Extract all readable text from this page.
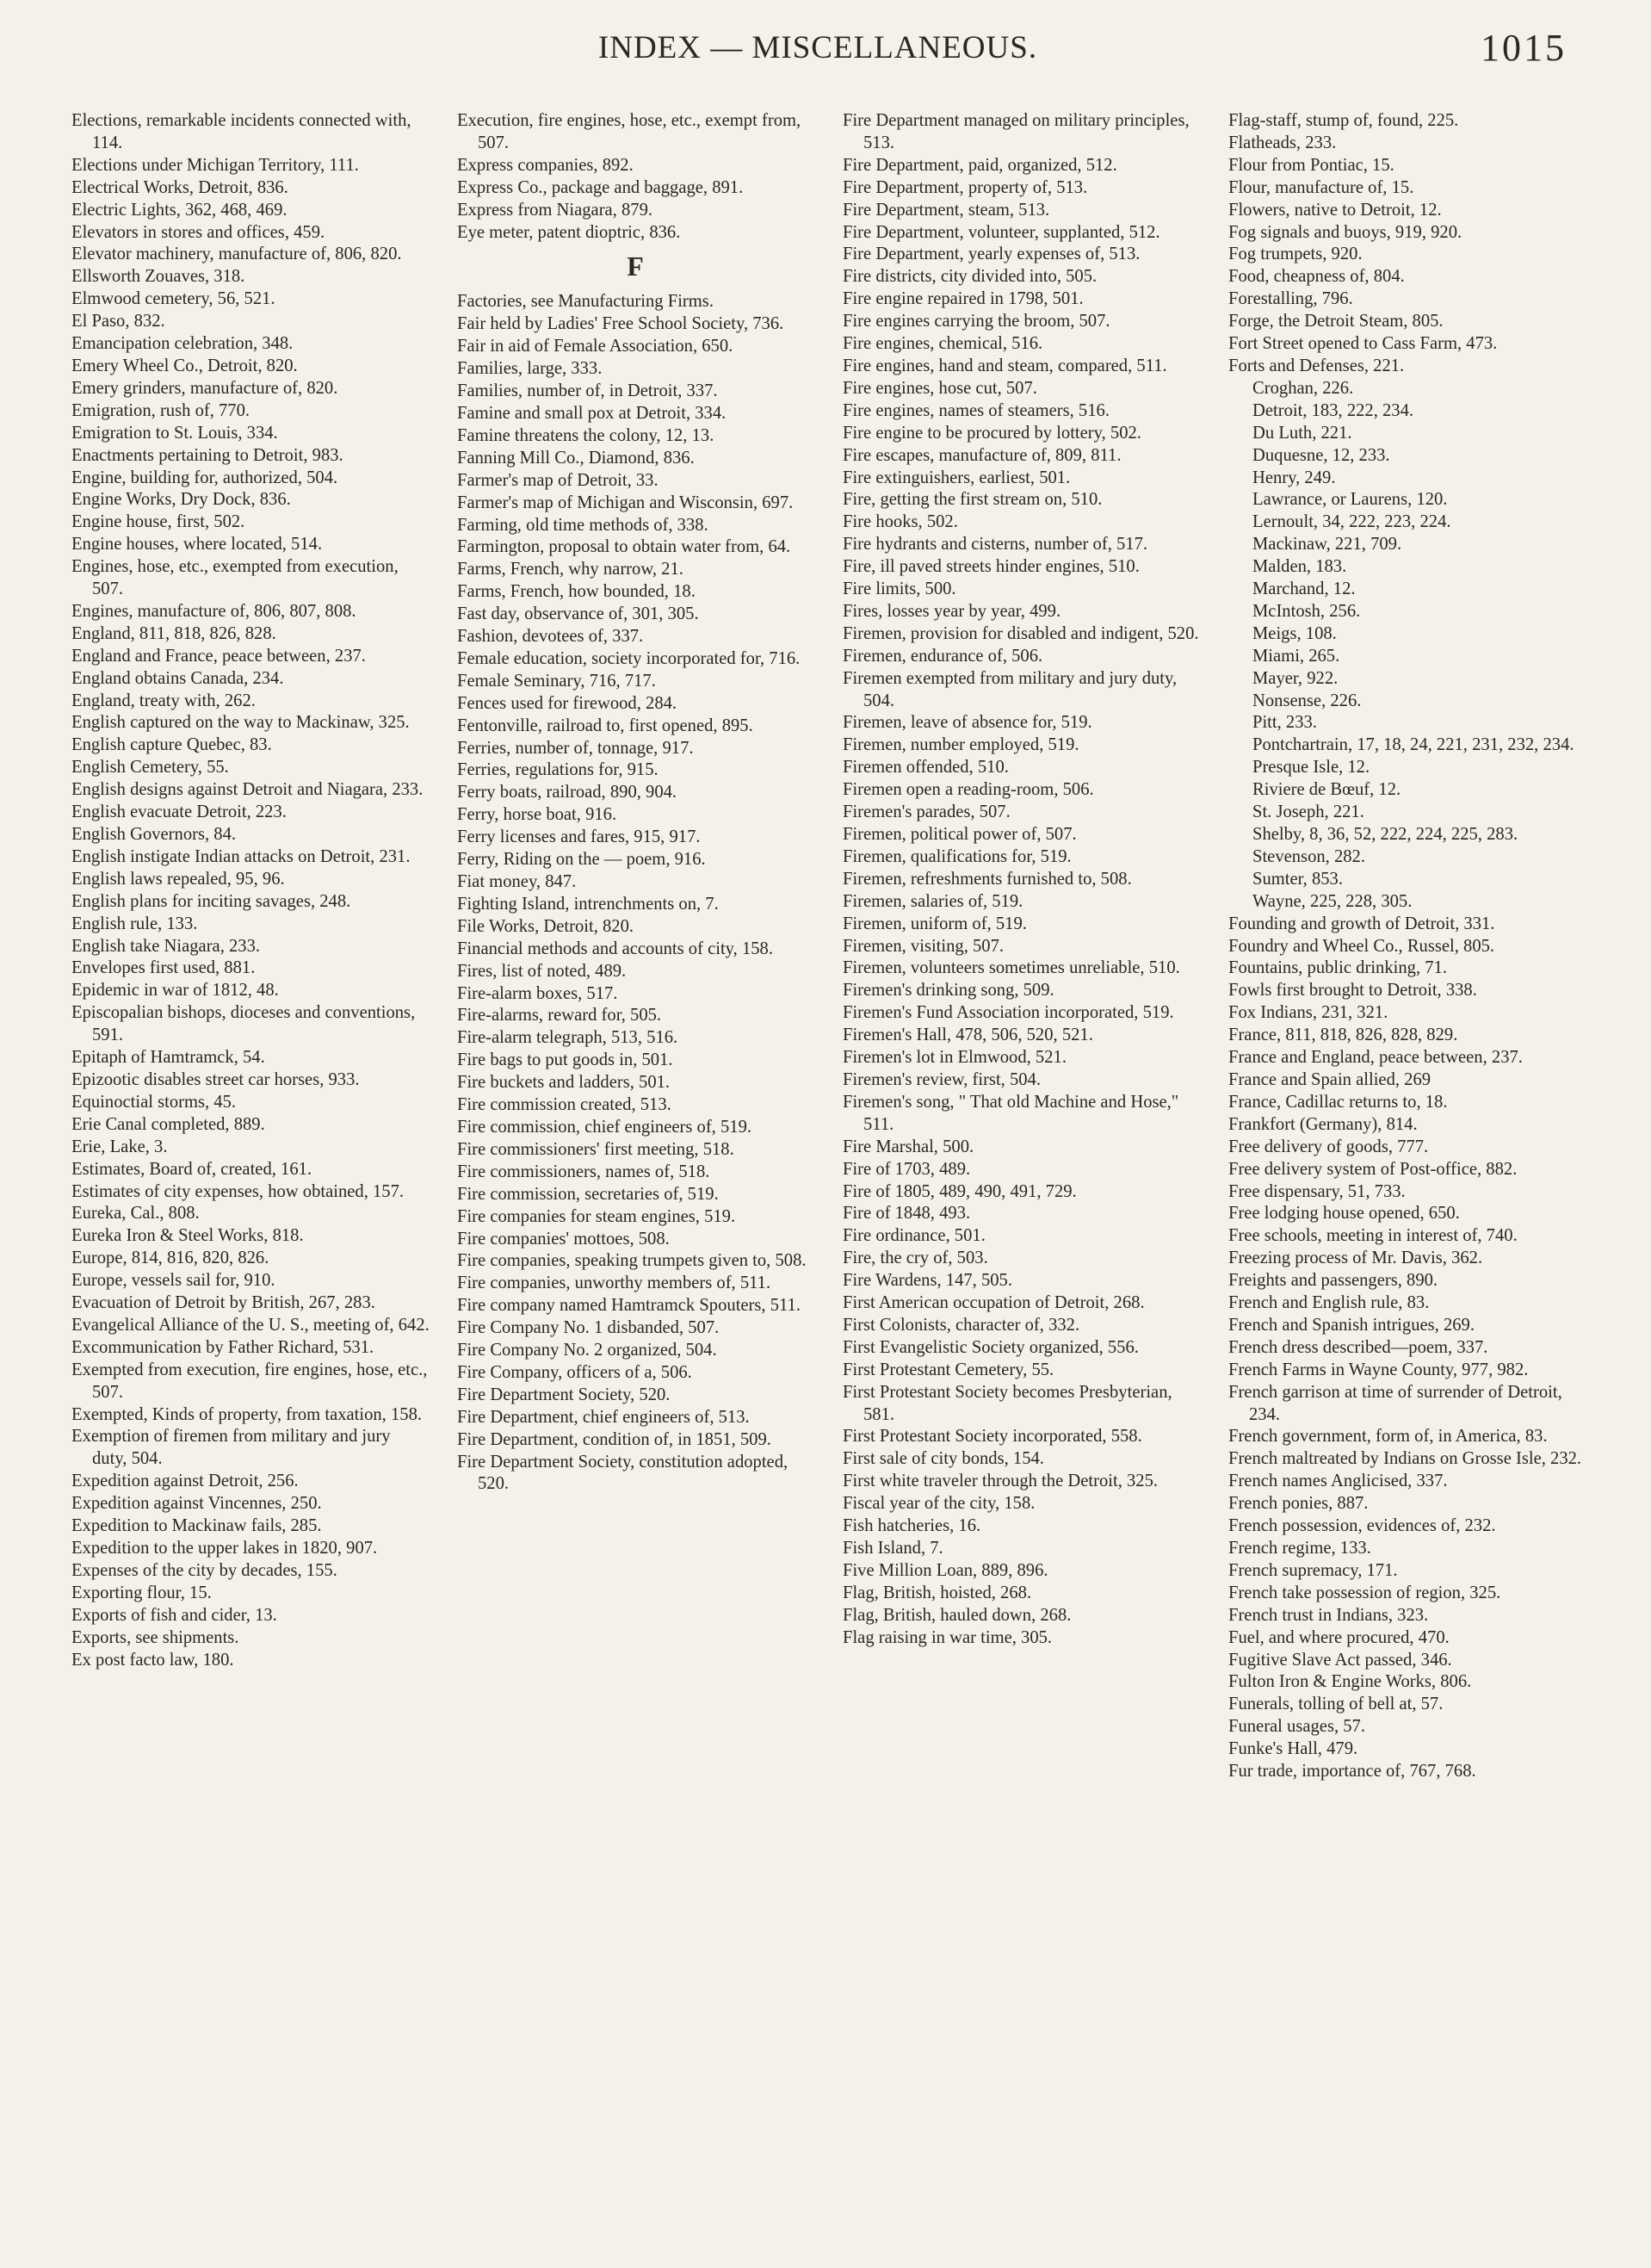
INDEX — MISCELLANEOUS.	1015

Elections, remarkable incidents connected with, 114.

Elections under Michigan Territory, 111.

Electrical Works, Detroit, 836.

Electric Lights, 362, 468, 469.

Elevators in stores and offices, 459.

Elevator machinery, manufacture of, 806, 820.

Ellsworth Zouaves, 318.

Elmwood cemetery, 56, 521.

El Paso, 832.

Emancipation celebration, 348.

Emery Wheel Co., Detroit, 820.

Emery grinders, manufacture of, 820.

Emigration, rush of, 770.

Emigration to St. Louis, 334.

Enactments pertaining to Detroit, 983.

Engine, building for, authorized, 504.

Engine Works, Dry Dock, 836.

Engine house, first, 502.

Engine houses, where located, 514.

Engines, hose, etc., exempted from execution, 507.

Engines, manufacture of, 806, 807, 808.

England, 811, 818, 826, 828.

England and France, peace between, 237.

England obtains Canada, 234.

England, treaty with, 262.

English captured on the way to Mackinaw, 325.

English capture Quebec, 83.

English Cemetery, 55.

English designs against Detroit and Niagara, 233.

English evacuate Detroit, 223.

English Governors, 84.

English instigate Indian attacks on Detroit, 231.

English laws repealed, 95, 96.

English plans for inciting savages, 248.

English rule, 133.

English take Niagara, 233.

Envelopes first used, 881.

Epidemic in war of 1812, 48.

Episcopalian bishops, dioceses and conventions, 591.

Epitaph of Hamtramck, 54.

Epizootic disables street car horses, 933.

Equinoctial storms, 45.

Erie Canal completed, 889.

Erie, Lake, 3.

Estimates, Board of, created, 161.

Estimates of city expenses, how obtained, 157.

Eureka, Cal., 808.

Eureka Iron & Steel Works, 818.

Europe, 814, 816, 820, 826.

Europe, vessels sail for, 910.

Evacuation of Detroit by British, 267, 283.

Evangelical Alliance of the U. S., meeting of, 642.

Excommunication by Father Richard, 531.

Exempted from execution, fire engines, hose, etc., 507.

Exempted, Kinds of property, from taxation, 158.

Exemption of firemen from military and jury duty, 504.

Expedition against Detroit, 256.

Expedition against Vincennes, 250.

Expedition to Mackinaw fails, 285.

Expedition to the upper lakes in 1820, 907.

Expenses of the city by decades, 155.

Exporting flour, 15.

Exports of fish and cider, 13.

Exports, see shipments.

Ex post facto law, 180.

Execution, fire engines, hose, etc., exempt from, 507.

Express companies, 892.

Express Co., package and baggage, 891.

Express from Niagara, 879.

Eye meter, patent dioptric, 836.

F

Factories, see Manufacturing Firms.

Fair held by Ladies' Free School Society, 736.

Fair in aid of Female Association, 650.

Families, large, 333.

Families, number of, in Detroit, 337.

Famine and small pox at Detroit, 334.

Famine threatens the colony, 12, 13.

Fanning Mill Co., Diamond, 836.

Farmer's map of Detroit, 33.

Farmer's map of Michigan and Wisconsin, 697.

Farming, old time methods of, 338.

Farmington, proposal to obtain water from, 64.

Farms, French, why narrow, 21.

Farms, French, how bounded, 18.

Fast day, observance of, 301, 305.

Fashion, devotees of, 337.

Female education, society incorporated for, 716.

Female Seminary, 716, 717.

Fences used for firewood, 284.

Fentonville, railroad to, first opened, 895.

Ferries, number of, tonnage, 917.

Ferries, regulations for, 915.

Ferry boats, railroad, 890, 904.

Ferry, horse boat, 916.

Ferry licenses and fares, 915, 917.

Ferry, Riding on the — poem, 916.

Fiat money, 847.

Fighting Island, intrenchments on, 7.

File Works, Detroit, 820.

Financial methods and accounts of city, 158.

Fires, list of noted, 489.

Fire-alarm boxes, 517.

Fire-alarms, reward for, 505.

Fire-alarm telegraph, 513, 516.

Fire bags to put goods in, 501.

Fire buckets and ladders, 501.

Fire commission created, 513.

Fire commission, chief engineers of, 519.

Fire commissioners' first meeting, 518.

Fire commissioners, names of, 518.

Fire commission, secretaries of, 519.

Fire companies for steam engines, 519.

Fire companies' mottoes, 508.

Fire companies, speaking trumpets given to, 508.

Fire companies, unworthy members of, 511.

Fire company named Hamtramck Spouters, 511.

Fire Company No. 1 disbanded, 507.

Fire Company No. 2 organized, 504.

Fire Company, officers of a, 506.

Fire Department Society, 520.

Fire Department, chief engineers of, 513.

Fire Department, condition of, in 1851, 509.

Fire Department Society, constitution adopted, 520.

Fire Department managed on military principles, 513.

Fire Department, paid, organized, 512.

Fire Department, property of, 513.

Fire Department, steam, 513.

Fire Department, volunteer, supplanted, 512.

Fire Department, yearly expenses of, 513.

Fire districts, city divided into, 505.

Fire engine repaired in 1798, 501.

Fire engines carrying the broom, 507.

Fire engines, chemical, 516.

Fire engines, hand and steam, compared, 511.

Fire engines, hose cut, 507.

Fire engines, names of steamers, 516.

Fire engine to be procured by lottery, 502.

Fire escapes, manufacture of, 809, 811.

Fire extinguishers, earliest, 501.

Fire, getting the first stream on, 510.

Fire hooks, 502.

Fire hydrants and cisterns, number of, 517.

Fire, ill paved streets hinder engines, 510.

Fire limits, 500.

Fires, losses year by year, 499.

Firemen, provision for disabled and indigent, 520.

Firemen, endurance of, 506.

Firemen exempted from military and jury duty, 504.

Firemen, leave of absence for, 519.

Firemen, number employed, 519.

Firemen offended, 510.

Firemen open a reading-room, 506.

Firemen's parades, 507.

Firemen, political power of, 507.

Firemen, qualifications for, 519.

Firemen, refreshments furnished to, 508.

Firemen, salaries of, 519.

Firemen, uniform of, 519.

Firemen, visiting, 507.

Firemen, volunteers sometimes unreliable, 510.

Firemen's drinking song, 509.

Firemen's Fund Association incorporated, 519.

Firemen's Hall, 478, 506, 520, 521.

Firemen's lot in Elmwood, 521.

Firemen's review, first, 504.

Firemen's song, " That old Machine and Hose," 511.

Fire Marshal, 500.

Fire of 1703, 489.

Fire of 1805, 489, 490, 491, 729.

Fire of 1848, 493.

Fire ordinance, 501.

Fire, the cry of, 503.

Fire Wardens, 147, 505.

First American occupation of Detroit, 268.

First Colonists, character of, 332.

First Evangelistic Society organized, 556.

First Protestant Cemetery, 55.

First Protestant Society becomes Presbyterian, 581.

First Protestant Society incorporated, 558.

First sale of city bonds, 154.

First white traveler through the Detroit, 325.

Fiscal year of the city, 158.

Fish hatcheries, 16.

Fish Island, 7.

Five Million Loan, 889, 896.

Flag, British, hoisted, 268.

Flag, British, hauled down, 268.

Flag raising in war time, 305.

Flag-staff, stump of, found, 225.

Flatheads, 233.

Flour from Pontiac, 15.

Flour, manufacture of, 15.

Flowers, native to Detroit, 12.

Fog signals and buoys, 919, 920.

Fog trumpets, 920.

Food, cheapness of, 804.

Forestalling, 796.

Forge, the Detroit Steam, 805.

Fort Street opened to Cass Farm, 473.

Forts and Defenses, 221.

Croghan, 226.

Detroit, 183, 222, 234.

Du Luth, 221.

Duquesne, 12, 233.

Henry, 249.

Lawrance, or Laurens, 120.

Lernoult, 34, 222, 223, 224.

Mackinaw, 221, 709.

Malden, 183.

Marchand, 12.

McIntosh, 256.

Meigs, 108.

Miami, 265.

Mayer, 922.

Nonsense, 226.

Pitt, 233.

Pontchartrain, 17, 18, 24, 221, 231, 232, 234.

Presque Isle, 12.

Riviere de Bœuf, 12.

St. Joseph, 221.

Shelby, 8, 36, 52, 222, 224, 225, 283.

Stevenson, 282.

Sumter, 853.

Wayne, 225, 228, 305.

Founding and growth of Detroit, 331.

Foundry and Wheel Co., Russel, 805.

Fountains, public drinking, 71.

Fowls first brought to Detroit, 338.

Fox Indians, 231, 321.

France, 811, 818, 826, 828, 829.

France and England, peace between, 237.

France and Spain allied, 269

France, Cadillac returns to, 18.

Frankfort (Germany), 814.

Free delivery of goods, 777.

Free delivery system of Post-office, 882.

Free dispensary, 51, 733.

Free lodging house opened, 650.

Free schools, meeting in interest of, 740.

Freezing process of Mr. Davis, 362.

Freights and passengers, 890.

French and English rule, 83.

French and Spanish intrigues, 269.

French dress described—poem, 337.

French Farms in Wayne County, 977, 982.

French garrison at time of surrender of Detroit, 234.

French government, form of, in America, 83.

French maltreated by Indians on Grosse Isle, 232.

French names Anglicised, 337.

French ponies, 887.

French possession, evidences of, 232.

French regime, 133.

French supremacy, 171.

French take possession of region, 325.

French trust in Indians, 323.

Fuel, and where procured, 470.

Fugitive Slave Act passed, 346.

Fulton Iron & Engine Works, 806.

Funerals, tolling of bell at, 57.

Funeral usages, 57.

Funke's Hall, 479.

Fur trade, importance of, 767, 768.
